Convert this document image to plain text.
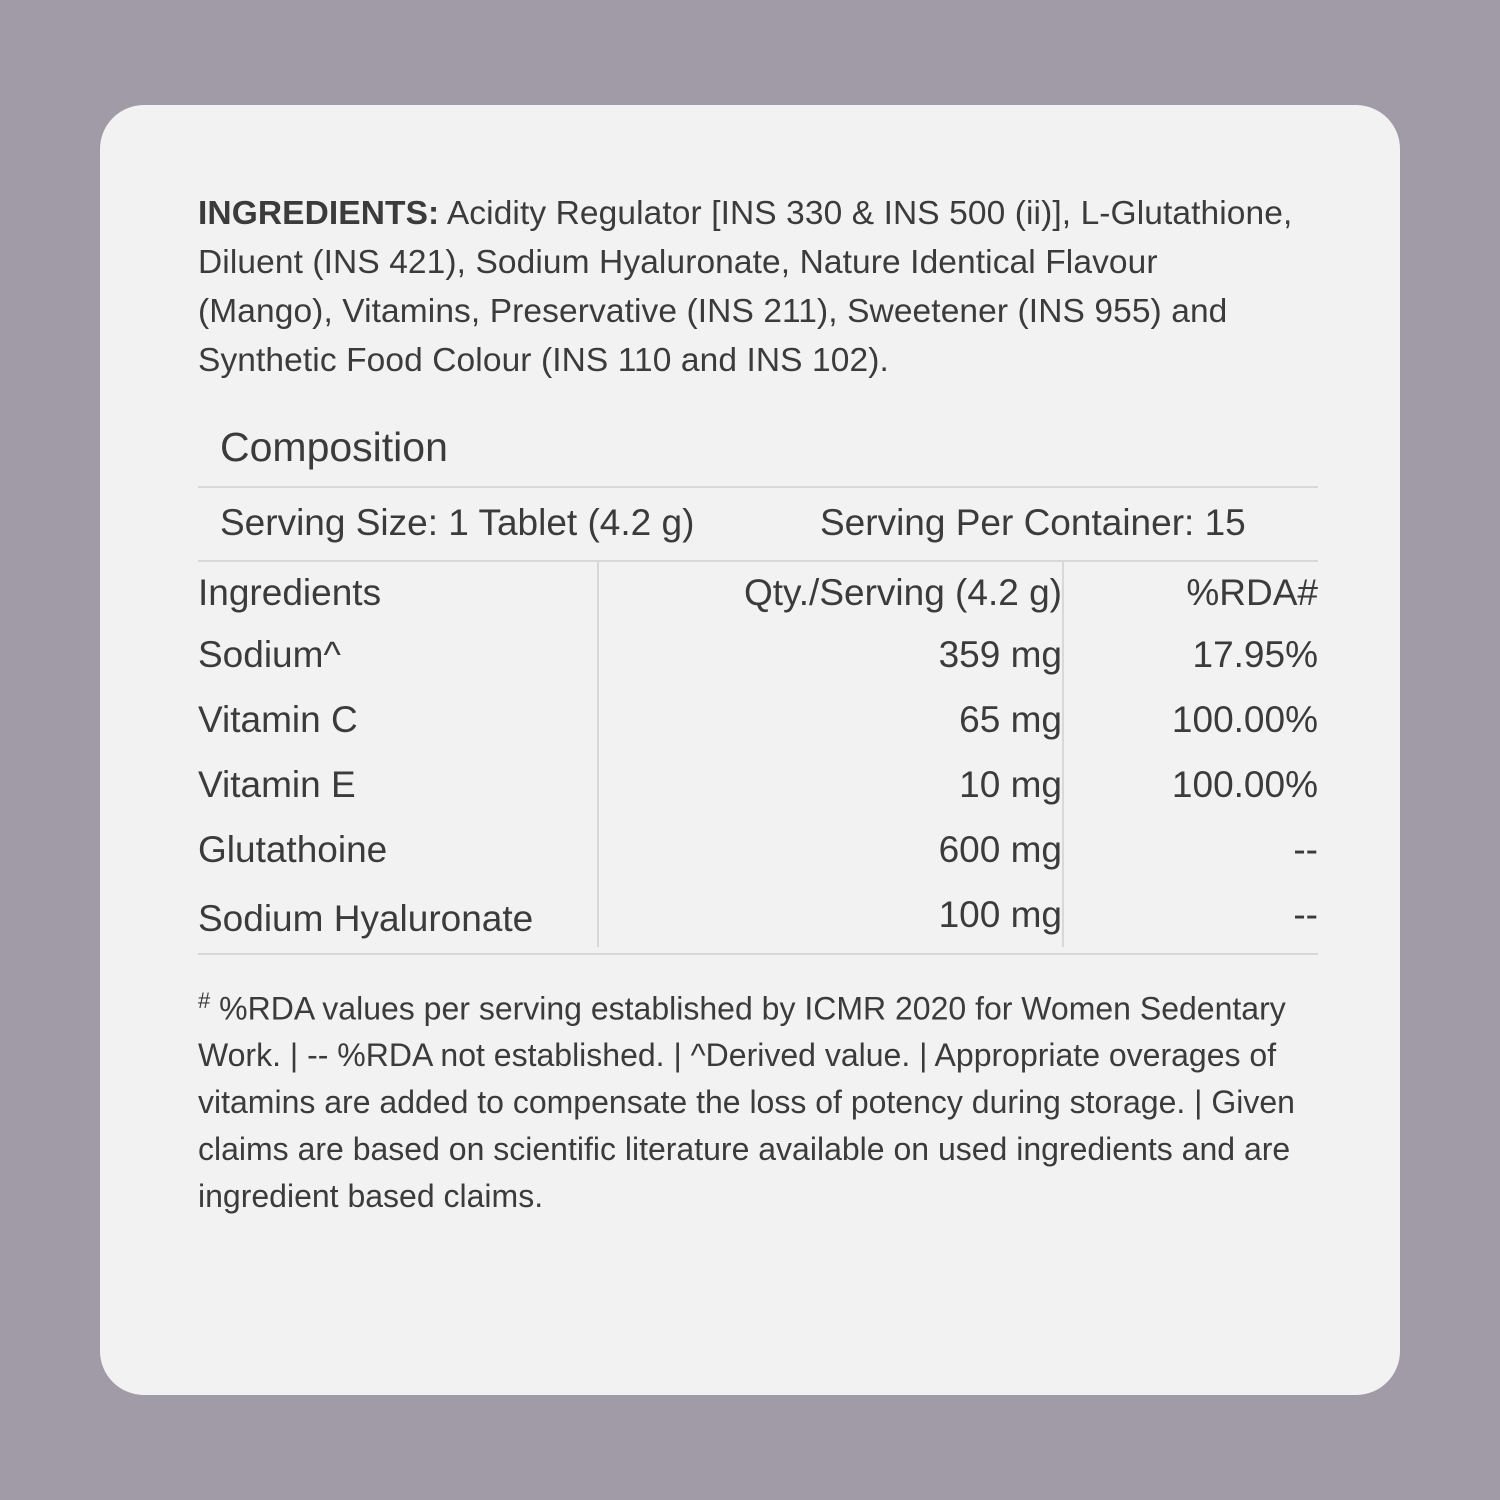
INGREDIENTS: Acidity Regulator [INS 330 & INS 500 (ii)], L-Glutathione, Diluent (INS 421), Sodium Hyaluronate, Nature Identical Flavour (Mango), Vitamins, Preservative (INS 211), Sweetener (INS 955) and Synthetic Food Colour (INS 110 and INS 102).

Composition
Serving Size: 1 Tablet (4.2 g)	Serving Per Container: 15
Ingredients	Qty./Serving (4.2 g)	%RDA#
Sodium^	359 mg	17.95%
Vitamin C	65 mg	100.00%
Vitamin E	10 mg	100.00%
Glutathoine	600 mg	--

Sodium Hyaluronate	100 mg	--

# %RDA values per serving established by ICMR 2020 for Women Sedentary Work. | -- %RDA not established. | ^Derived value. | Appropriate overages of vitamins are added to compensate the loss of potency during storage. | Given claims are based on scientific literature available on used ingredients and are ingredient based claims.
